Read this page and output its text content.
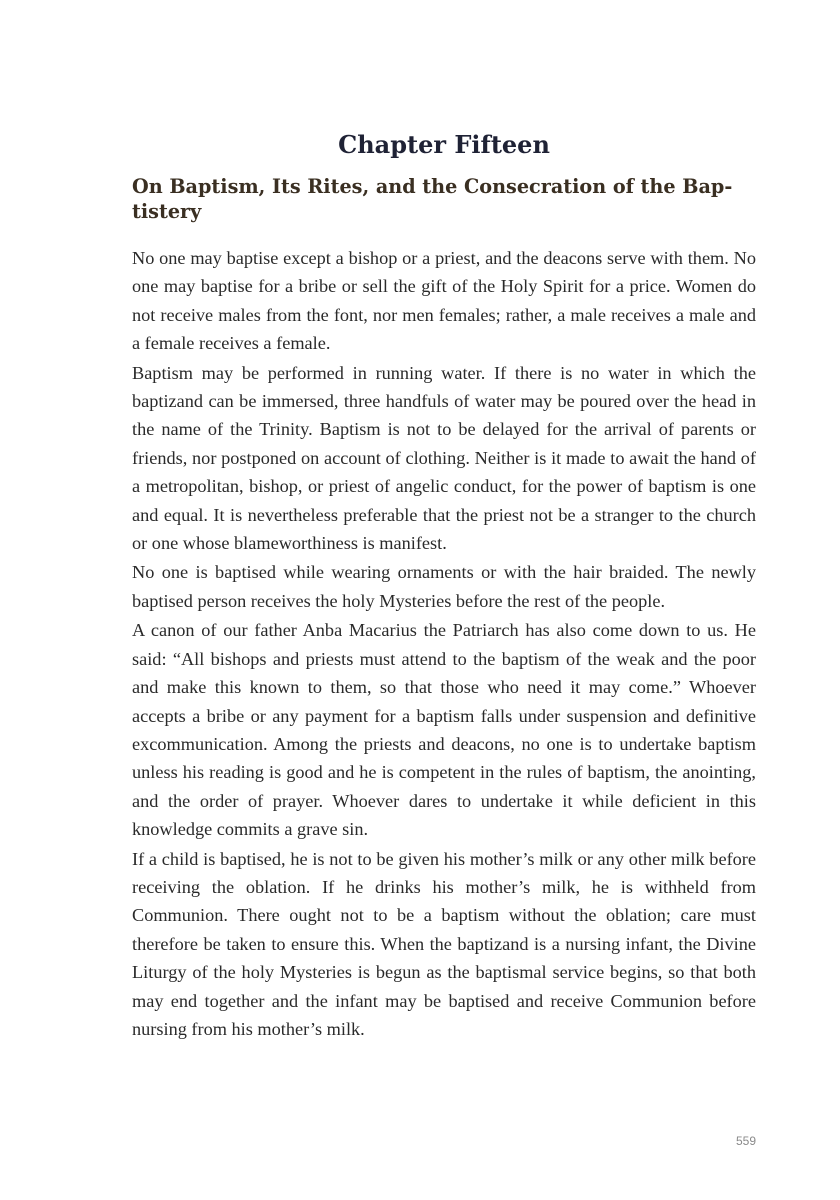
Chapter Fifteen
On Baptism, Its Rites, and the Consecration of the Baptistery

No one may baptise except a bishop or a priest, and the deacons serve with them. No one may baptise for a bribe or sell the gift of the Holy Spirit for a price. Women do not receive males from the font, nor men females; rather, a male receives a male and a female receives a female.

Baptism may be performed in running water. If there is no water in which the baptizand can be immersed, three handfuls of water may be poured over the head in the name of the Trinity. Baptism is not to be delayed for the arrival of parents or friends, nor postponed on account of clothing. Neither is it made to await the hand of a metropolitan, bishop, or priest of angelic conduct, for the power of baptism is one and equal. It is nevertheless preferable that the priest not be a stranger to the church or one whose blameworthiness is manifest.

No one is baptised while wearing ornaments or with the hair braided. The newly baptised person receives the holy Mysteries before the rest of the people.

A canon of our father Anba Macarius the Patriarch has also come down to us. He said: “All bishops and priests must attend to the baptism of the weak and the poor and make this known to them, so that those who need it may come.” Whoever accepts a bribe or any payment for a baptism falls under suspension and definitive excommunication. Among the priests and deacons, no one is to undertake baptism unless his reading is good and he is competent in the rules of baptism, the anointing, and the order of prayer. Whoever dares to undertake it while deficient in this knowledge commits a grave sin.

If a child is baptised, he is not to be given his mother’s milk or any other milk before receiving the oblation. If he drinks his mother’s milk, he is withheld from Communion. There ought not to be a baptism without the oblation; care must therefore be taken to ensure this. When the baptizand is a nursing infant, the Divine Liturgy of the holy Mysteries is begun as the baptismal service begins, so that both may end together and the infant may be baptised and receive Communion before nursing from his mother’s milk.

559
